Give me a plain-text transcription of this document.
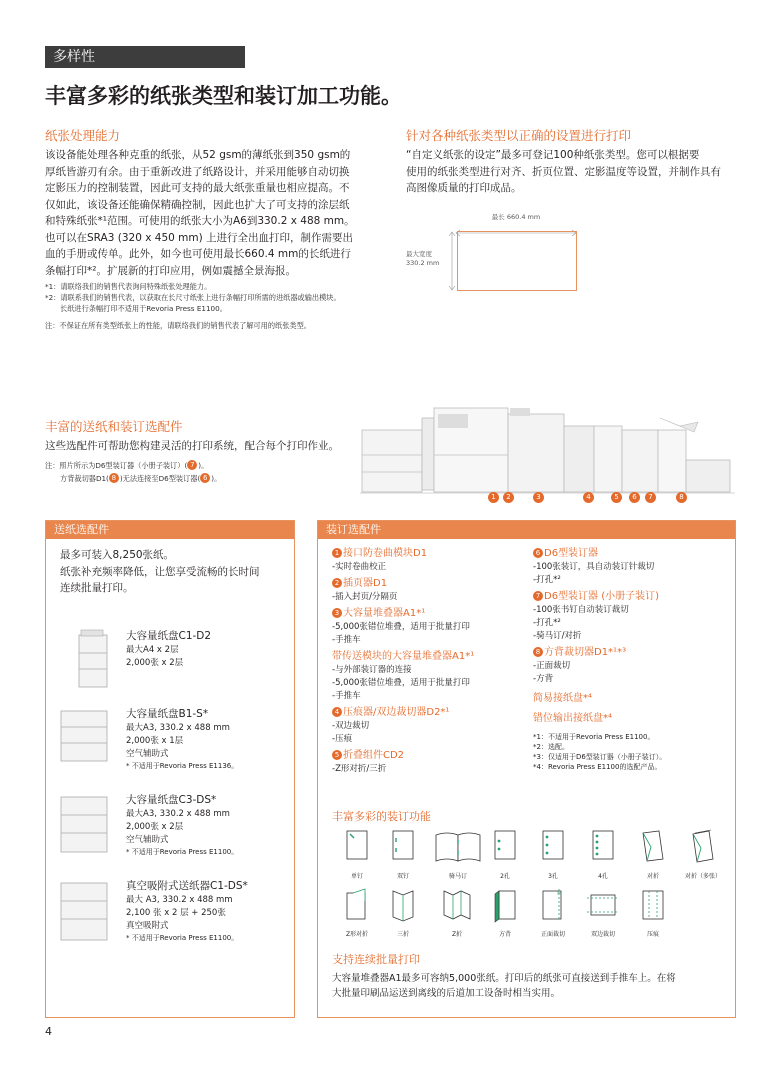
多样性
丰富多彩的纸张类型和装订加工功能。
纸张处理能力
该设备能处理各种克重的纸张，从52 gsm的薄纸张到350 gsm的
厚纸皆游刃有余。由于重新改进了纸路设计，并采用能够自动切换
定影压力的控制装置，因此可支持的最大纸张重量也相应提高。不
仅如此，该设备还能确保精确控制，因此也扩大了可支持的涂层纸
和特殊纸张*¹范围。可使用的纸张大小为A6到330.2 x 488 mm。
也可以在SRA3 (320 x 450 mm) 上进行全出血打印，制作需要出
血的手册或传单。此外，如今也可使用最长660.4 mm的长纸进行
条幅打印*²。扩展新的打印应用，例如震撼全景海报。
*1：请联络我们的销售代表询问特殊纸张处理能力。
*2：请联系我们的销售代表，以获取在长尺寸纸张上进行条幅打印所需的进纸器或输出模块。
长纸进行条幅打印不适用于Revoria Press E1100。
注：不保证在所有类型纸张上的性能，请联络我们的销售代表了解可用的纸张类型。
针对各种纸张类型以正确的设置进行打印
“自定义纸张的设定”最多可登记100种纸张类型。您可以根据要
使用的纸张类型进行对齐、折页位置、定影温度等设置，并制作具有
高图像质量的打印成品。
最长 660.4 mm
最大宽度
330.2 mm
丰富的送纸和装订选配件
这些选配件可帮助您构建灵活的打印系统，配合每个打印作业。
注：照片所示为D6型装订器（小册子装订）( 7 )。
方背裁切器D1( 8 )无法连接至D6型装订器( 6 )。
1	2	3	4	5	6	7	8
送纸选配件
最多可装入8,250张纸。
纸张补充频率降低，让您享受流畅的长时间
连续批量打印。
大容量纸盘C1-D2
最大A4 x 2层
2,000张 x 2层
大容量纸盘B1-S*
最大A3, 330.2 x 488 mm
2,000张 x 1层
空气辅助式
* 不适用于Revoria Press E1136。
大容量纸盘C3-DS*
最大A3, 330.2 x 488 mm
2,000张 x 2层
空气辅助式
* 不适用于Revoria Press E1100。
真空吸附式送纸器C1-DS*
最大 A3, 330.2 x 488 mm
2,100 张 x 2 层 + 250张
真空吸附式
* 不适用于Revoria Press E1100。
装订选配件
1 接口防卷曲模块D1
-实时卷曲校正
2 插页器D1
-插入封页/分隔页
3 大容量堆叠器A1*¹
-5,000张错位堆叠，适用于批量打印
-手推车
带传送模块的大容量堆叠器A1*¹
-与外部装订器的连接
-5,000张错位堆叠，适用于批量打印
-手推车
4 压痕器/双边裁切器D2*¹
-双边裁切
-压痕
5 折叠组件CD2
-Z形对折/三折
6 D6型装订器
-100张装订，具自动装订针裁切
-打孔*²
7 D6型装订器 (小册子装订)
-100张书钉自动装订裁切
-打孔*²
-骑马订/对折
8 方背裁切器D1*¹*³
-正面裁切
-方背
简易接纸盘*⁴
错位输出接纸盘*⁴
*1：不适用于Revoria Press E1100。
*2：选配。
*3：仅适用于D6型装订器（小册子装订）。
*4：Revoria Press E1100的选配产品。
丰富多彩的装订功能
单钉	双钉	骑马订	2孔	3孔	4孔	对折	对折（多张）
Z形对折	三折	Z折	方背
✂
正面裁切	双边裁切	压痕
支持连续批量打印
大容量堆叠器A1最多可容纳5,000张纸。打印后的纸张可直接送到手推车上。在将
大批量印刷品运送到离线的后道加工设备时相当实用。
4
